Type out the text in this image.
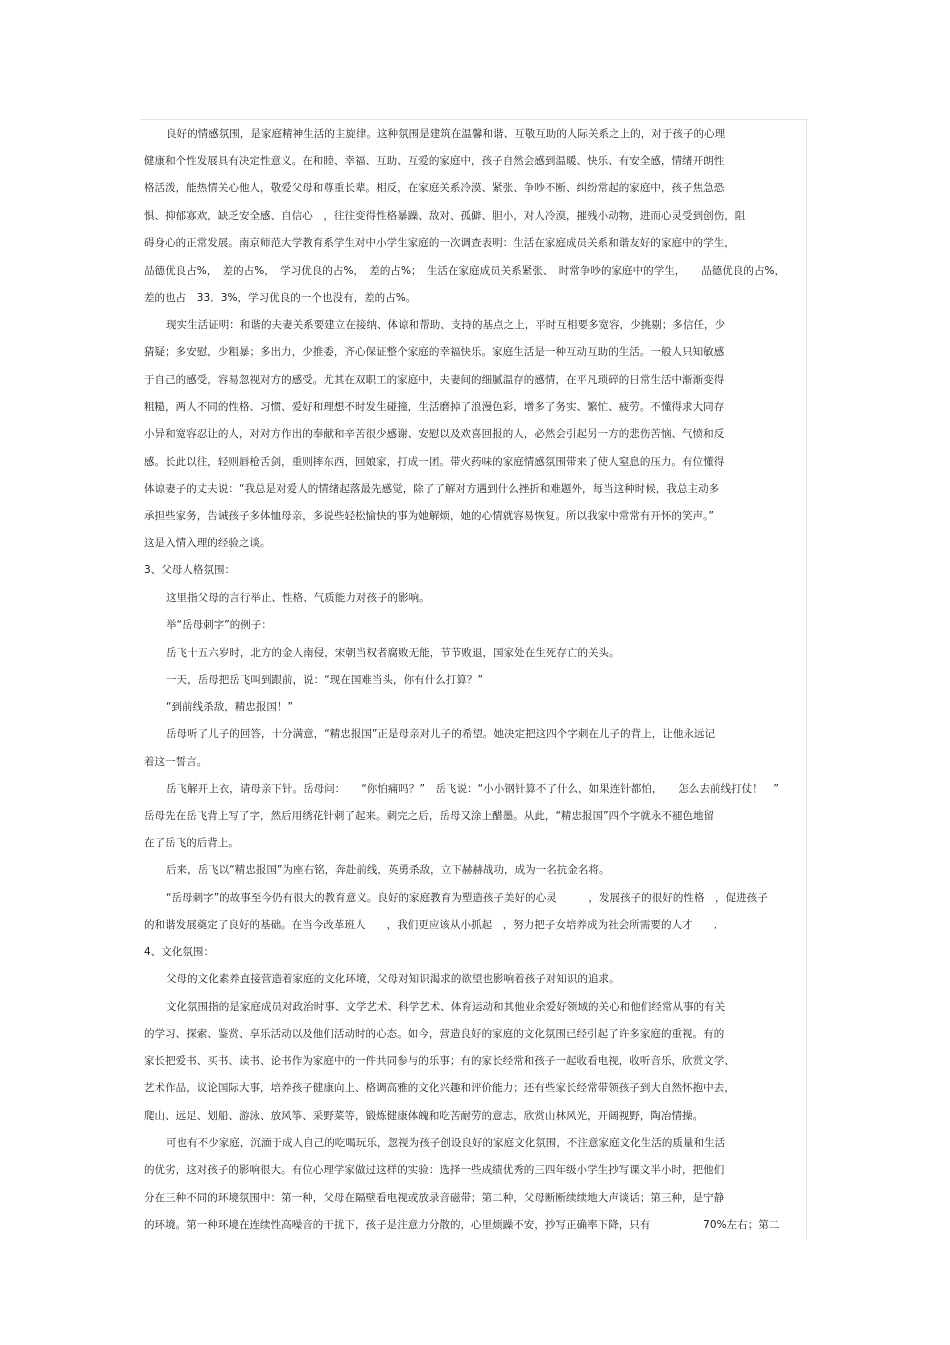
良好的情感氛围，是家庭精神生活的主旋律。这种氛围是建筑在温馨和谐、互敬互助的人际关系之上的，对于孩子的心理
健康和个性发展具有决定性意义。在和睦、幸福、互助、互爱的家庭中，孩子自然会感到温暖、快乐、有安全感，情绪开朗性
格活泼，能热情关心他人，敬爱父母和尊重长辈。相反，在家庭关系冷漠、紧张、争吵不断、纠纷常起的家庭中，孩子焦急恐
惧、抑郁寡欢，缺乏安全感、自信心　，往往变得性格暴躁、敌对、孤僻、胆小，对人冷漠，摧残小动物，进而心灵受到创伤，阻
碍身心的正常发展。南京师范大学教育系学生对中小学生家庭的一次调查表明：生活在家庭成员关系和谐友好的家庭中的学生，
品德优良占%，　差的占%，　学习优良的占%，　差的占%；　生活在家庭成员关系紧张、　时常争吵的家庭中的学生，　　品德优良的占%，
差的也占　33．3%，学习优良的一个也没有，差的占%。
现实生活证明：和谐的夫妻关系要建立在接纳、体谅和帮助、支持的基点之上，平时互相要多宽容，少挑剔；多信任，少
猜疑；多安慰，少粗暴；多出力，少推委，齐心保证整个家庭的幸福快乐。家庭生活是一种互动互助的生活。一般人只知敏感
于自己的感受，容易忽视对方的感受。尤其在双职工的家庭中，夫妻间的细腻温存的感情，在平凡琐碎的日常生活中渐渐变得
粗糙，两人不同的性格、习惯、爱好和理想不时发生碰撞，生活磨掉了浪漫色彩，增多了务实、繁忙、疲劳。不懂得求大同存
小异和宽容忍让的人，对对方作出的奉献和辛苦很少感谢、安慰以及欢喜回报的人，必然会引起另一方的悲伤苦恼、气愤和反
感。长此以往，轻则唇枪舌剑，重则摔东西，回娘家，打成一团。带火药味的家庭情感氛围带来了使人窒息的压力。有位懂得
体谅妻子的丈夫说：“我总是对爱人的情绪起落最先感觉，除了了解对方遇到什么挫折和难题外，每当这种时候，我总主动多
承担些家务，告诫孩子多体恤母亲，多说些轻松愉快的事为她解烦，她的心情就容易恢复。所以我家中常常有开怀的笑声。”
这是入情入理的经验之谈。
3、父母人格氛围：
这里指父母的言行举止、性格、气质能力对孩子的影响。
举“岳母刺字”的例子：
岳飞十五六岁时，北方的金人南侵，宋朝当权者腐败无能，节节败退，国家处在生死存亡的关头。
一天，岳母把岳飞叫到跟前，说：“现在国难当头，你有什么打算？”
“到前线杀敌，精忠报国！”
岳母听了儿子的回答，十分满意，“精忠报国”正是母亲对儿子的希望。她决定把这四个字刺在儿子的背上，让他永远记
着这一誓言。
岳飞解开上衣，请母亲下针。岳母问：　　“你怕痛吗？”　岳飞说：“小小钢针算不了什么，如果连针都怕，　　怎么去前线打仗！　”
岳母先在岳飞背上写了字，然后用绣花针刺了起来。刺完之后，岳母又涂上醋墨。从此，“精忠报国”四个字就永不褪色地留
在了岳飞的后背上。
后来，岳飞以“精忠报国”为座右铭，奔赴前线，英勇杀敌，立下赫赫战功，成为一名抗金名将。
“岳母刺字”的故事至今仍有很大的教育意义。良好的家庭教育为塑造孩子美好的心灵　　　，发展孩子的很好的性格　，促进孩子
的和谐发展奠定了良好的基础。在当今改革班人　　，我们更应该从小抓起　，努力把子女培养成为社会所需要的人才　　．
4、文化氛围：
父母的文化素养直接营造着家庭的文化环境，父母对知识渴求的欲望也影响着孩子对知识的追求。
文化氛围指的是家庭成员对政治时事、文学艺术、科学艺术、体育运动和其他业余爱好领域的关心和他们经常从事的有关
的学习、探索、鉴赏、享乐活动以及他们活动时的心态。如今，营造良好的家庭的文化氛围已经引起了许多家庭的重视。有的
家长把爱书、买书、读书、论书作为家庭中的一件共同参与的乐事；有的家长经常和孩子一起收看电视，收听音乐，欣赏文学、
艺术作品，议论国际大事，培养孩子健康向上、格调高雅的文化兴趣和评价能力；还有些家长经常带领孩子到大自然怀抱中去，
爬山、远足、划船、游泳、放风筝、采野菜等，锻炼健康体魄和吃苦耐劳的意志，欣赏山林风光，开阔视野，陶冶情操。
可也有不少家庭，沉湎于成人自己的吃喝玩乐，忽视为孩子创设良好的家庭文化氛围，不注意家庭文化生活的质量和生活
的优劣，这对孩子的影响很大。有位心理学家做过这样的实验：选择一些成绩优秀的三四年级小学生抄写课文半小时，把他们
分在三种不同的环境氛围中：第一种，父母在隔壁看电视或放录音磁带；第二种，父母断断续续地大声谈话；第三种，是宁静
的环境。第一种环境在连续性高噪音的干扰下，孩子是注意力分散的，心里烦躁不安，抄写正确率下降，只有　　　　　70%左右；第二
